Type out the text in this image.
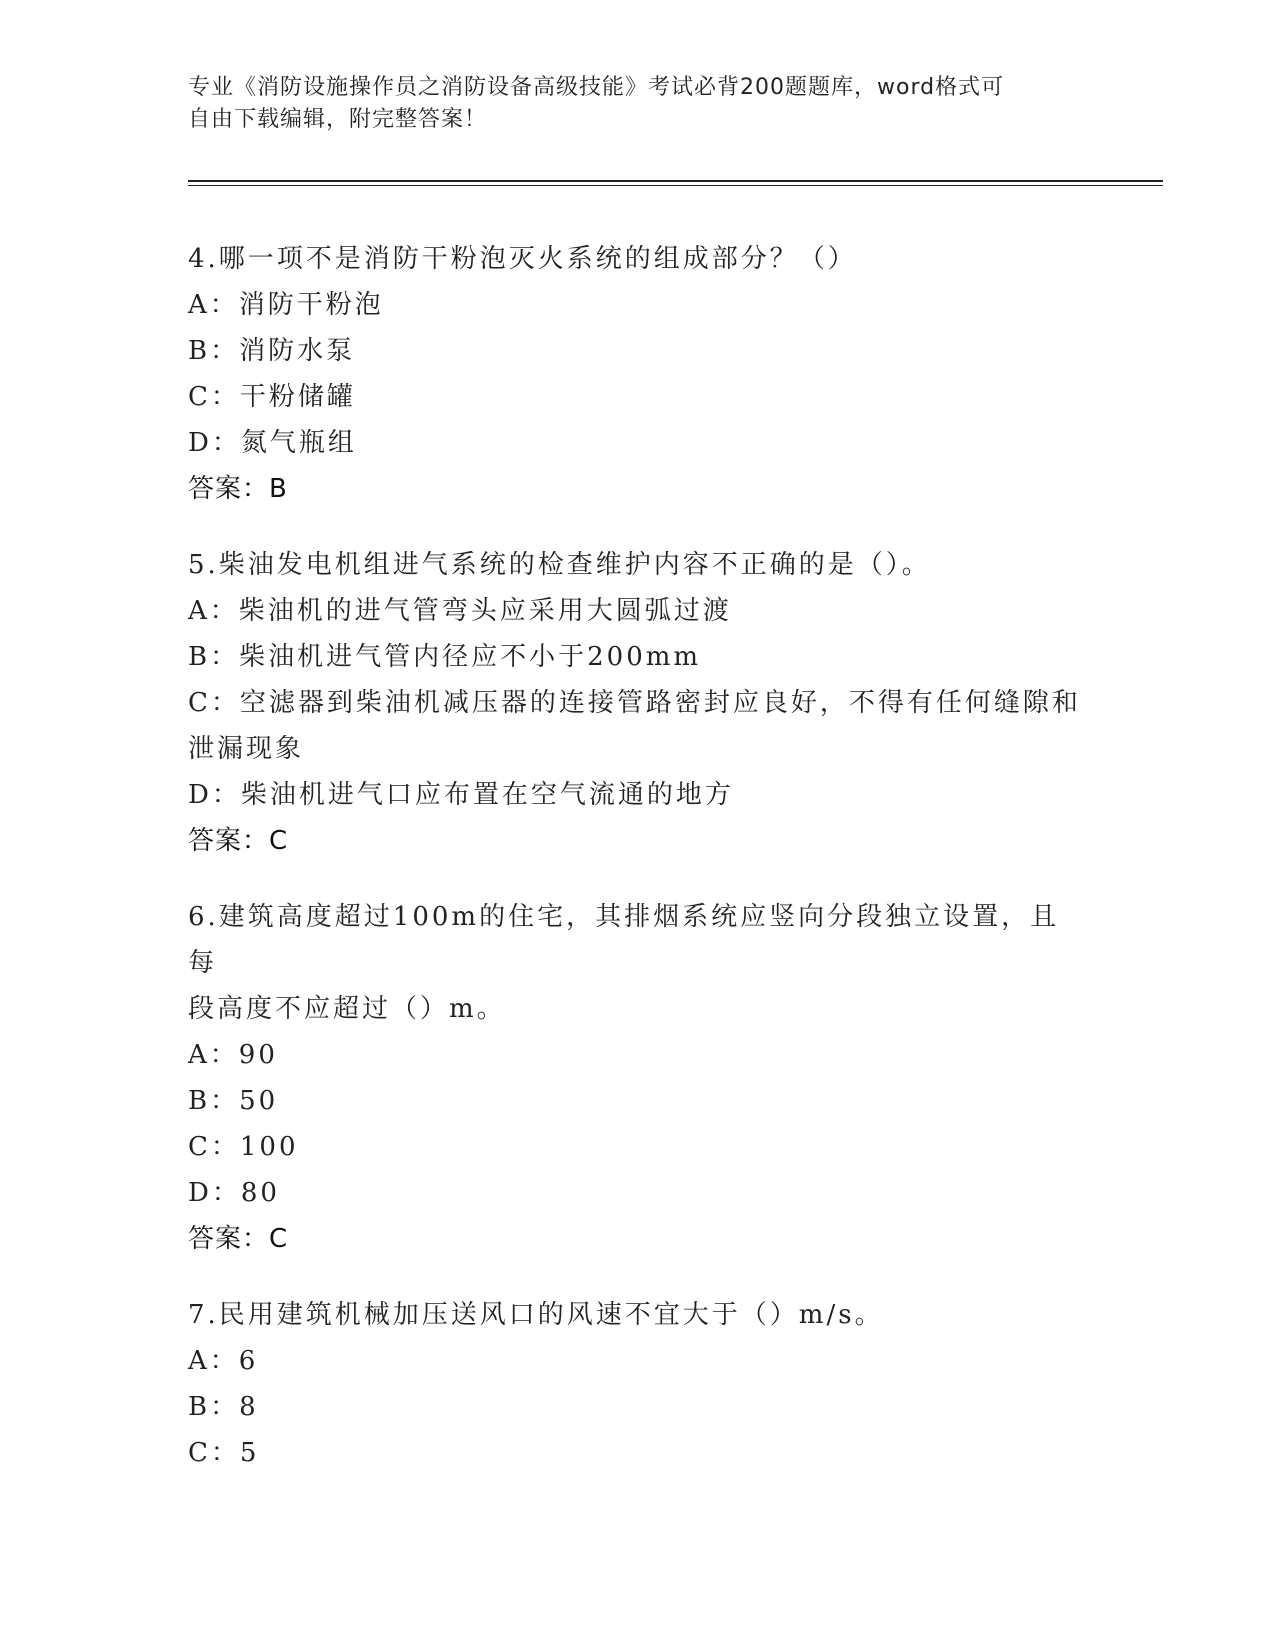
专业《消防设施操作员之消防设备高级技能》考试必背200题题库，word格式可
自由下载编辑，附完整答案！
4.哪一项不是消防干粉泡灭火系统的组成部分？（）
A：消防干粉泡
B：消防水泵
C：干粉储罐
D：氮气瓶组
答案：B
5.柴油发电机组进气系统的检查维护内容不正确的是（）。
A：柴油机的进气管弯头应采用大圆弧过渡
B：柴油机进气管内径应不小于200mm
C：空滤器到柴油机减压器的连接管路密封应良好，不得有任何缝隙和
泄漏现象
D：柴油机进气口应布置在空气流通的地方
答案：C
6.建筑高度超过100m的住宅，其排烟系统应竖向分段独立设置，且每
段高度不应超过（）m。
A：90
B：50
C：100
D：80
答案：C
7.民用建筑机械加压送风口的风速不宜大于（）m/s。
A：6
B：8
C：5
